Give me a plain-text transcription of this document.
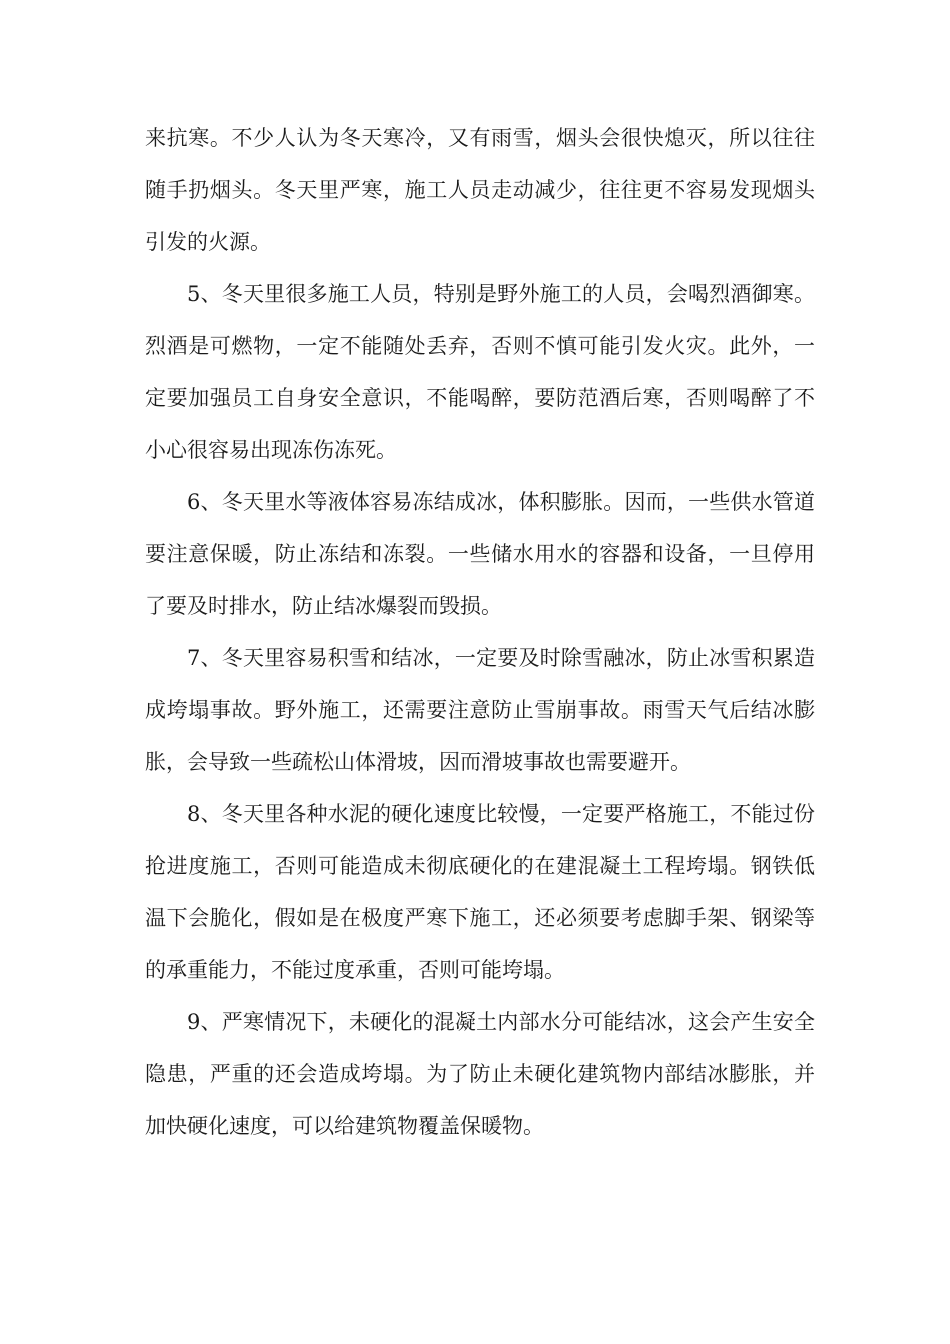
来抗寒。不少人认为冬天寒冷，又有雨雪，烟头会很快熄灭，所以往往随手扔烟头。冬天里严寒，施工人员走动减少，往往更不容易发现烟头引发的火源。

5、冬天里很多施工人员，特别是野外施工的人员，会喝烈酒御寒。烈酒是可燃物，一定不能随处丢弃，否则不慎可能引发火灾。此外，一定要加强员工自身安全意识，不能喝醉，要防范酒后寒，否则喝醉了不小心很容易出现冻伤冻死。

6、冬天里水等液体容易冻结成冰，体积膨胀。因而，一些供水管道要注意保暖，防止冻结和冻裂。一些储水用水的容器和设备，一旦停用了要及时排水，防止结冰爆裂而毁损。

7、冬天里容易积雪和结冰，一定要及时除雪融冰，防止冰雪积累造成垮塌事故。野外施工，还需要注意防止雪崩事故。雨雪天气后结冰膨胀，会导致一些疏松山体滑坡，因而滑坡事故也需要避开。

8、冬天里各种水泥的硬化速度比较慢，一定要严格施工，不能过份抢进度施工，否则可能造成未彻底硬化的在建混凝土工程垮塌。钢铁低温下会脆化，假如是在极度严寒下施工，还必须要考虑脚手架、钢梁等的承重能力，不能过度承重，否则可能垮塌。

9、严寒情况下，未硬化的混凝土内部水分可能结冰，这会产生安全隐患，严重的还会造成垮塌。为了防止未硬化建筑物内部结冰膨胀，并加快硬化速度，可以给建筑物覆盖保暖物。
